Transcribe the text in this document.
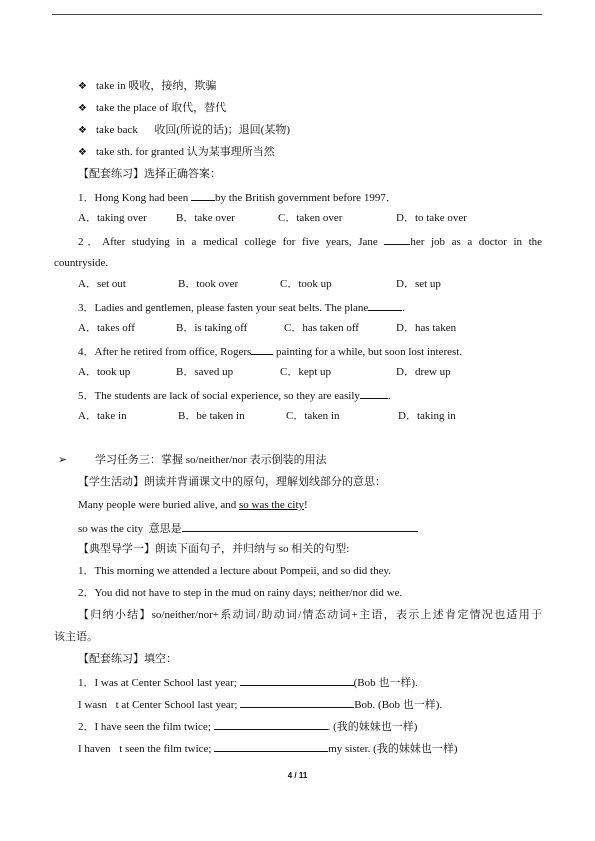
❖ take in 吸收，接纳，欺骗
❖ take the place of 取代，替代
❖ take back      收回(所说的话)；退回(某物)
❖ take sth. for granted 认为某事理所当然
【配套练习】选择正确答案：
1．Hong Kong had been by the British government before 1997．
A．taking over	B．take over	C．taken over	D．to take over
2．After studying in a medical college for five years, Jane her job as a doctor in the
countryside.
A．set out	B．took over	C．took up	D．set up
3．Ladies and gentlemen, please fasten your seat belts. The plane	.
A．takes off	B．is taking off	C．has taken off	D．has taken
4．After he retired from office, Rogers painting for a while, but soon lost interest.
A．took up	B．saved up	C．kept up	D．drew up
5．The students are lack of social experience, so they are easily	.
A．take in	B．be taken in	C．taken in	D．taking in
➢	学习任务三：掌握 so/neither/nor 表示倒装的用法
【学生活动】朗读并背诵课文中的原句，理解划线部分的意思：
Many people were buried alive, and so was the city!
so was the city  意思是
【典型导学一】朗读下面句子，并归纳与 so 相关的句型:
1．This morning we attended a lecture about Pompeii, and so did they.
2．You did not have to step in the mud on rainy days; neither/nor did we.
【归纳小结】so/neither/nor+系动词/助动词/情态动词+主语，表示上述肯定情况也适用于
该主语。
【配套练习】填空：
1．I was at Center School last year;	(Bob 也一样).
I wasn t at Center School last year;	Bob. (Bob 也一样).
2．I have seen the film twice;	. (我的妹妹也一样)
I haven t seen the film twice;	my sister. (我的妹妹也一样)
4 / 11
